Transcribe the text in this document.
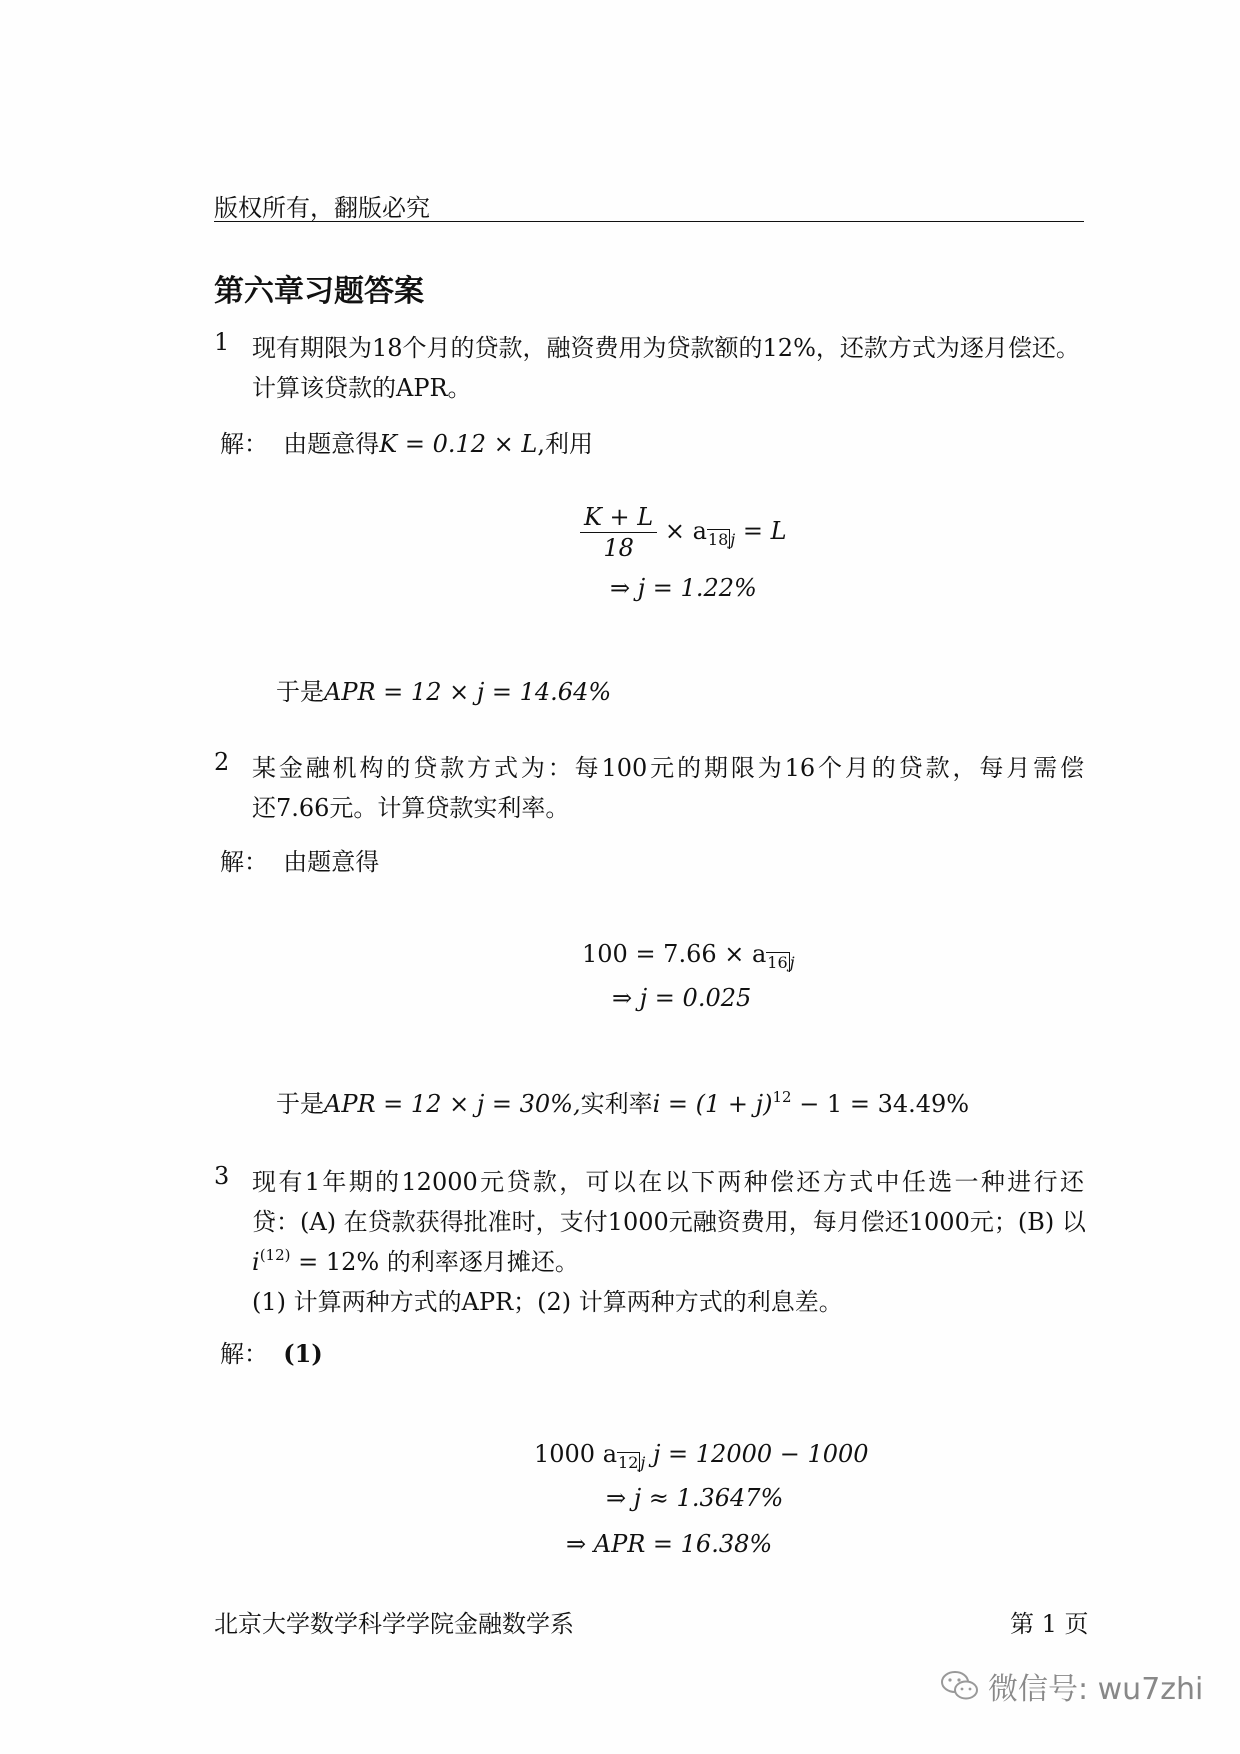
版权所有，翻版必究
第六章习题答案
1 现有期限为18个月的贷款，融资费用为贷款额的12%，还款方式为逐月偿还。
计算该贷款的APR。
解： 由题意得K = 0.12 × L,利用
$\frac{K + L}{18} \times a_{18 j} = L$
⇒ j = 1.22%
于是APR = 12 × j = 14.64%
2 某金融机构的贷款方式为：每100元的期限为16个月的贷款，每月需偿
还7.66元。计算贷款实利率。
解： 由题意得
$100 = 7.66 \times a_{16 j}$
⇒ j = 0.025
于是APR = 12 × j = 30%,实利率$i = (1 + j)^{12} - 1 = 34.49\%$
3 现有1年期的12000元贷款，可以在以下两种偿还方式中任选一种进行还
贷：(A) 在贷款获得批准时，支付1000元融资费用，每月偿还1000元；(B) 以
$i^{(12)} = 12\%$ 的利率逐月摊还。
(1) 计算两种方式的APR；(2) 计算两种方式的利息差。
解： (1)
1000 $a_{12 j}$ j = 12000 − 1000
⇒ j ≈ 1.3647%
⇒ APR = 16.38%
北京大学数学科学学院金融数学系	第 1 页
微信号: wu7zhi
